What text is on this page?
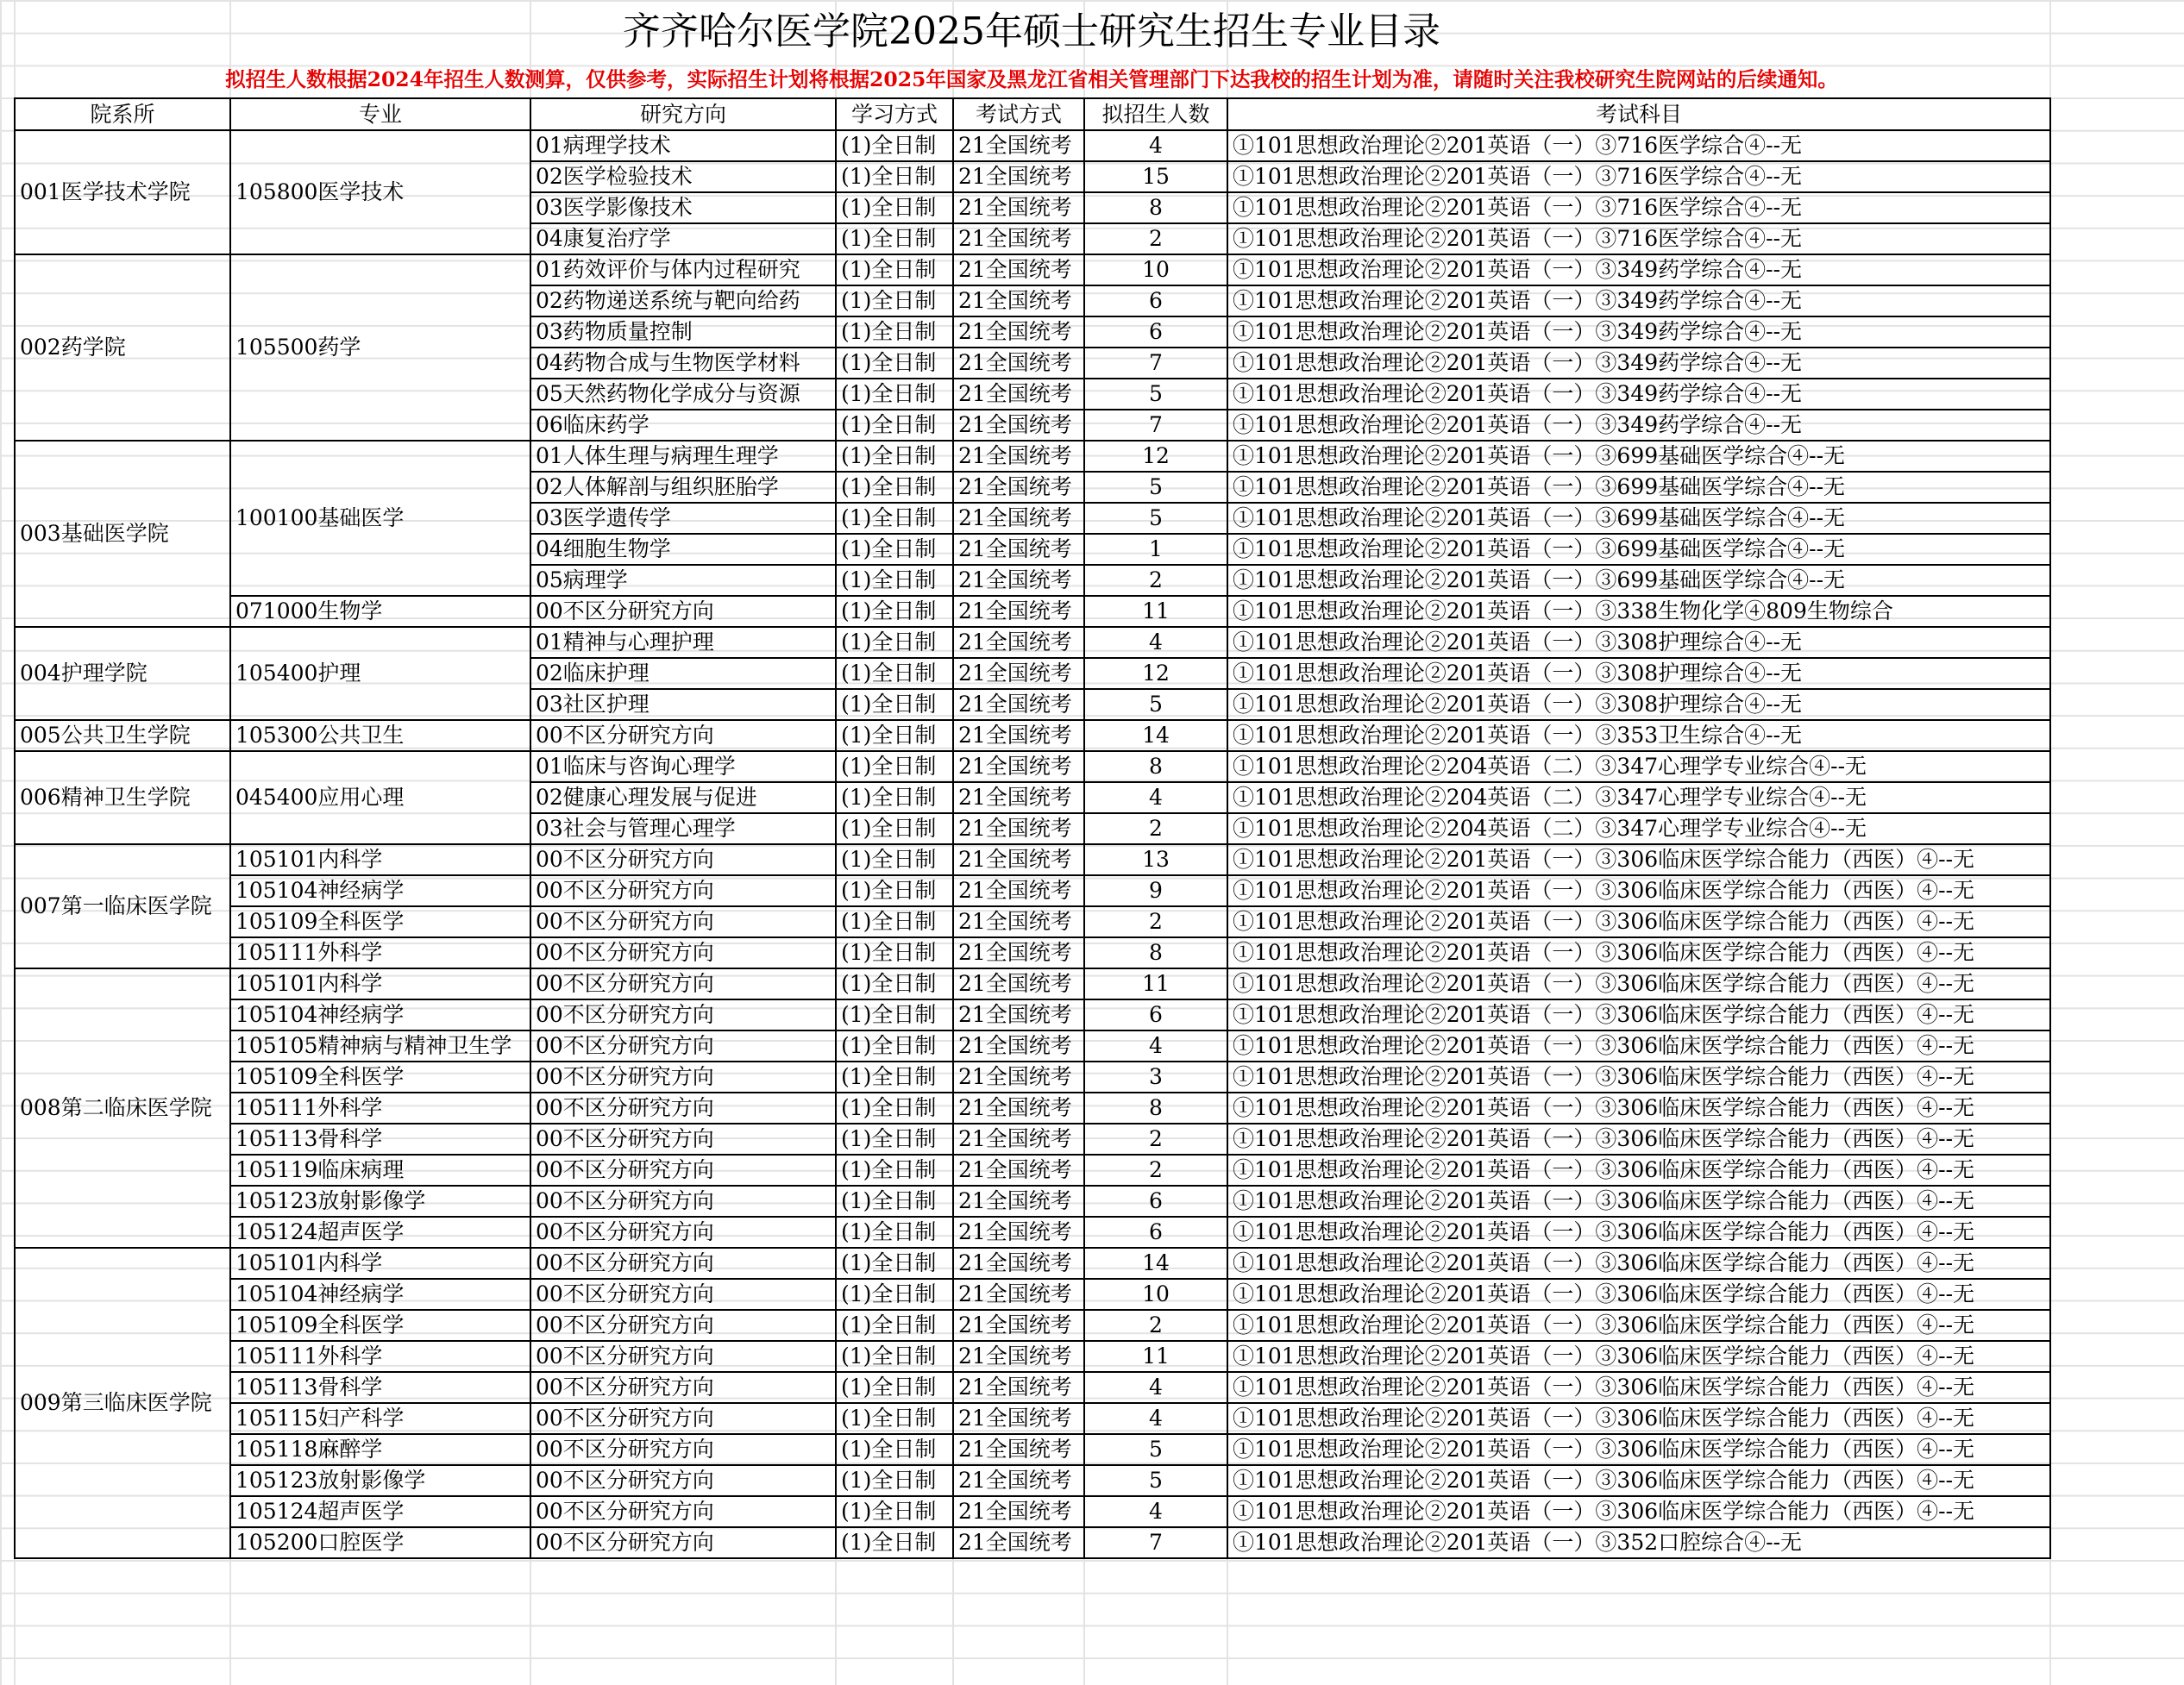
齐齐哈尔医学院2025年硕士研究生招生专业目录
拟招生人数根据2024年招生人数测算，仅供参考，实际招生计划将根据2025年国家及黑龙江省相关管理部门下达我校的招生计划为准，请随时关注我校研究生院网站的后续通知。
院系所	专业	研究方向	学习方式	考试方式	拟招生人数	考试科目
001医学技术学院	105800医学技术	01病理学技术	(1)全日制	21全国统考	4	①101思想政治理论②201英语（一）③716医学综合④--无
		02医学检验技术	(1)全日制	21全国统考	15	①101思想政治理论②201英语（一）③716医学综合④--无
		03医学影像技术	(1)全日制	21全国统考	8	①101思想政治理论②201英语（一）③716医学综合④--无
		04康复治疗学	(1)全日制	21全国统考	2	①101思想政治理论②201英语（一）③716医学综合④--无
002药学院	105500药学	01药效评价与体内过程研究	(1)全日制	21全国统考	10	①101思想政治理论②201英语（一）③349药学综合④--无
		02药物递送系统与靶向给药	(1)全日制	21全国统考	6	①101思想政治理论②201英语（一）③349药学综合④--无
		03药物质量控制	(1)全日制	21全国统考	6	①101思想政治理论②201英语（一）③349药学综合④--无
		04药物合成与生物医学材料	(1)全日制	21全国统考	7	①101思想政治理论②201英语（一）③349药学综合④--无
		05天然药物化学成分与资源	(1)全日制	21全国统考	5	①101思想政治理论②201英语（一）③349药学综合④--无
		06临床药学	(1)全日制	21全国统考	7	①101思想政治理论②201英语（一）③349药学综合④--无
003基础医学院	100100基础医学	01人体生理与病理生理学	(1)全日制	21全国统考	12	①101思想政治理论②201英语（一）③699基础医学综合④--无
		02人体解剖与组织胚胎学	(1)全日制	21全国统考	5	①101思想政治理论②201英语（一）③699基础医学综合④--无
		03医学遗传学	(1)全日制	21全国统考	5	①101思想政治理论②201英语（一）③699基础医学综合④--无
		04细胞生物学	(1)全日制	21全国统考	1	①101思想政治理论②201英语（一）③699基础医学综合④--无
		05病理学	(1)全日制	21全国统考	2	①101思想政治理论②201英语（一）③699基础医学综合④--无
	071000生物学	00不区分研究方向	(1)全日制	21全国统考	11	①101思想政治理论②201英语（一）③338生物化学④809生物综合
004护理学院	105400护理	01精神与心理护理	(1)全日制	21全国统考	4	①101思想政治理论②201英语（一）③308护理综合④--无
		02临床护理	(1)全日制	21全国统考	12	①101思想政治理论②201英语（一）③308护理综合④--无
		03社区护理	(1)全日制	21全国统考	5	①101思想政治理论②201英语（一）③308护理综合④--无
005公共卫生学院	105300公共卫生	00不区分研究方向	(1)全日制	21全国统考	14	①101思想政治理论②201英语（一）③353卫生综合④--无
006精神卫生学院	045400应用心理	01临床与咨询心理学	(1)全日制	21全国统考	8	①101思想政治理论②204英语（二）③347心理学专业综合④--无
		02健康心理发展与促进	(1)全日制	21全国统考	4	①101思想政治理论②204英语（二）③347心理学专业综合④--无
		03社会与管理心理学	(1)全日制	21全国统考	2	①101思想政治理论②204英语（二）③347心理学专业综合④--无
007第一临床医学院	105101内科学	00不区分研究方向	(1)全日制	21全国统考	13	①101思想政治理论②201英语（一）③306临床医学综合能力（西医）④--无
	105104神经病学	00不区分研究方向	(1)全日制	21全国统考	9	①101思想政治理论②201英语（一）③306临床医学综合能力（西医）④--无
	105109全科医学	00不区分研究方向	(1)全日制	21全国统考	2	①101思想政治理论②201英语（一）③306临床医学综合能力（西医）④--无
	105111外科学	00不区分研究方向	(1)全日制	21全国统考	8	①101思想政治理论②201英语（一）③306临床医学综合能力（西医）④--无
008第二临床医学院	105101内科学	00不区分研究方向	(1)全日制	21全国统考	11	①101思想政治理论②201英语（一）③306临床医学综合能力（西医）④--无
	105104神经病学	00不区分研究方向	(1)全日制	21全国统考	6	①101思想政治理论②201英语（一）③306临床医学综合能力（西医）④--无
	105105精神病与精神卫生学	00不区分研究方向	(1)全日制	21全国统考	4	①101思想政治理论②201英语（一）③306临床医学综合能力（西医）④--无
	105109全科医学	00不区分研究方向	(1)全日制	21全国统考	3	①101思想政治理论②201英语（一）③306临床医学综合能力（西医）④--无
	105111外科学	00不区分研究方向	(1)全日制	21全国统考	8	①101思想政治理论②201英语（一）③306临床医学综合能力（西医）④--无
	105113骨科学	00不区分研究方向	(1)全日制	21全国统考	2	①101思想政治理论②201英语（一）③306临床医学综合能力（西医）④--无
	105119临床病理	00不区分研究方向	(1)全日制	21全国统考	2	①101思想政治理论②201英语（一）③306临床医学综合能力（西医）④--无
	105123放射影像学	00不区分研究方向	(1)全日制	21全国统考	6	①101思想政治理论②201英语（一）③306临床医学综合能力（西医）④--无
	105124超声医学	00不区分研究方向	(1)全日制	21全国统考	6	①101思想政治理论②201英语（一）③306临床医学综合能力（西医）④--无
009第三临床医学院	105101内科学	00不区分研究方向	(1)全日制	21全国统考	14	①101思想政治理论②201英语（一）③306临床医学综合能力（西医）④--无
	105104神经病学	00不区分研究方向	(1)全日制	21全国统考	10	①101思想政治理论②201英语（一）③306临床医学综合能力（西医）④--无
	105109全科医学	00不区分研究方向	(1)全日制	21全国统考	2	①101思想政治理论②201英语（一）③306临床医学综合能力（西医）④--无
	105111外科学	00不区分研究方向	(1)全日制	21全国统考	11	①101思想政治理论②201英语（一）③306临床医学综合能力（西医）④--无
	105113骨科学	00不区分研究方向	(1)全日制	21全国统考	4	①101思想政治理论②201英语（一）③306临床医学综合能力（西医）④--无
	105115妇产科学	00不区分研究方向	(1)全日制	21全国统考	4	①101思想政治理论②201英语（一）③306临床医学综合能力（西医）④--无
	105118麻醉学	00不区分研究方向	(1)全日制	21全国统考	5	①101思想政治理论②201英语（一）③306临床医学综合能力（西医）④--无
	105123放射影像学	00不区分研究方向	(1)全日制	21全国统考	5	①101思想政治理论②201英语（一）③306临床医学综合能力（西医）④--无
	105124超声医学	00不区分研究方向	(1)全日制	21全国统考	4	①101思想政治理论②201英语（一）③306临床医学综合能力（西医）④--无
	105200口腔医学	00不区分研究方向	(1)全日制	21全国统考	7	①101思想政治理论②201英语（一）③352口腔综合④--无
